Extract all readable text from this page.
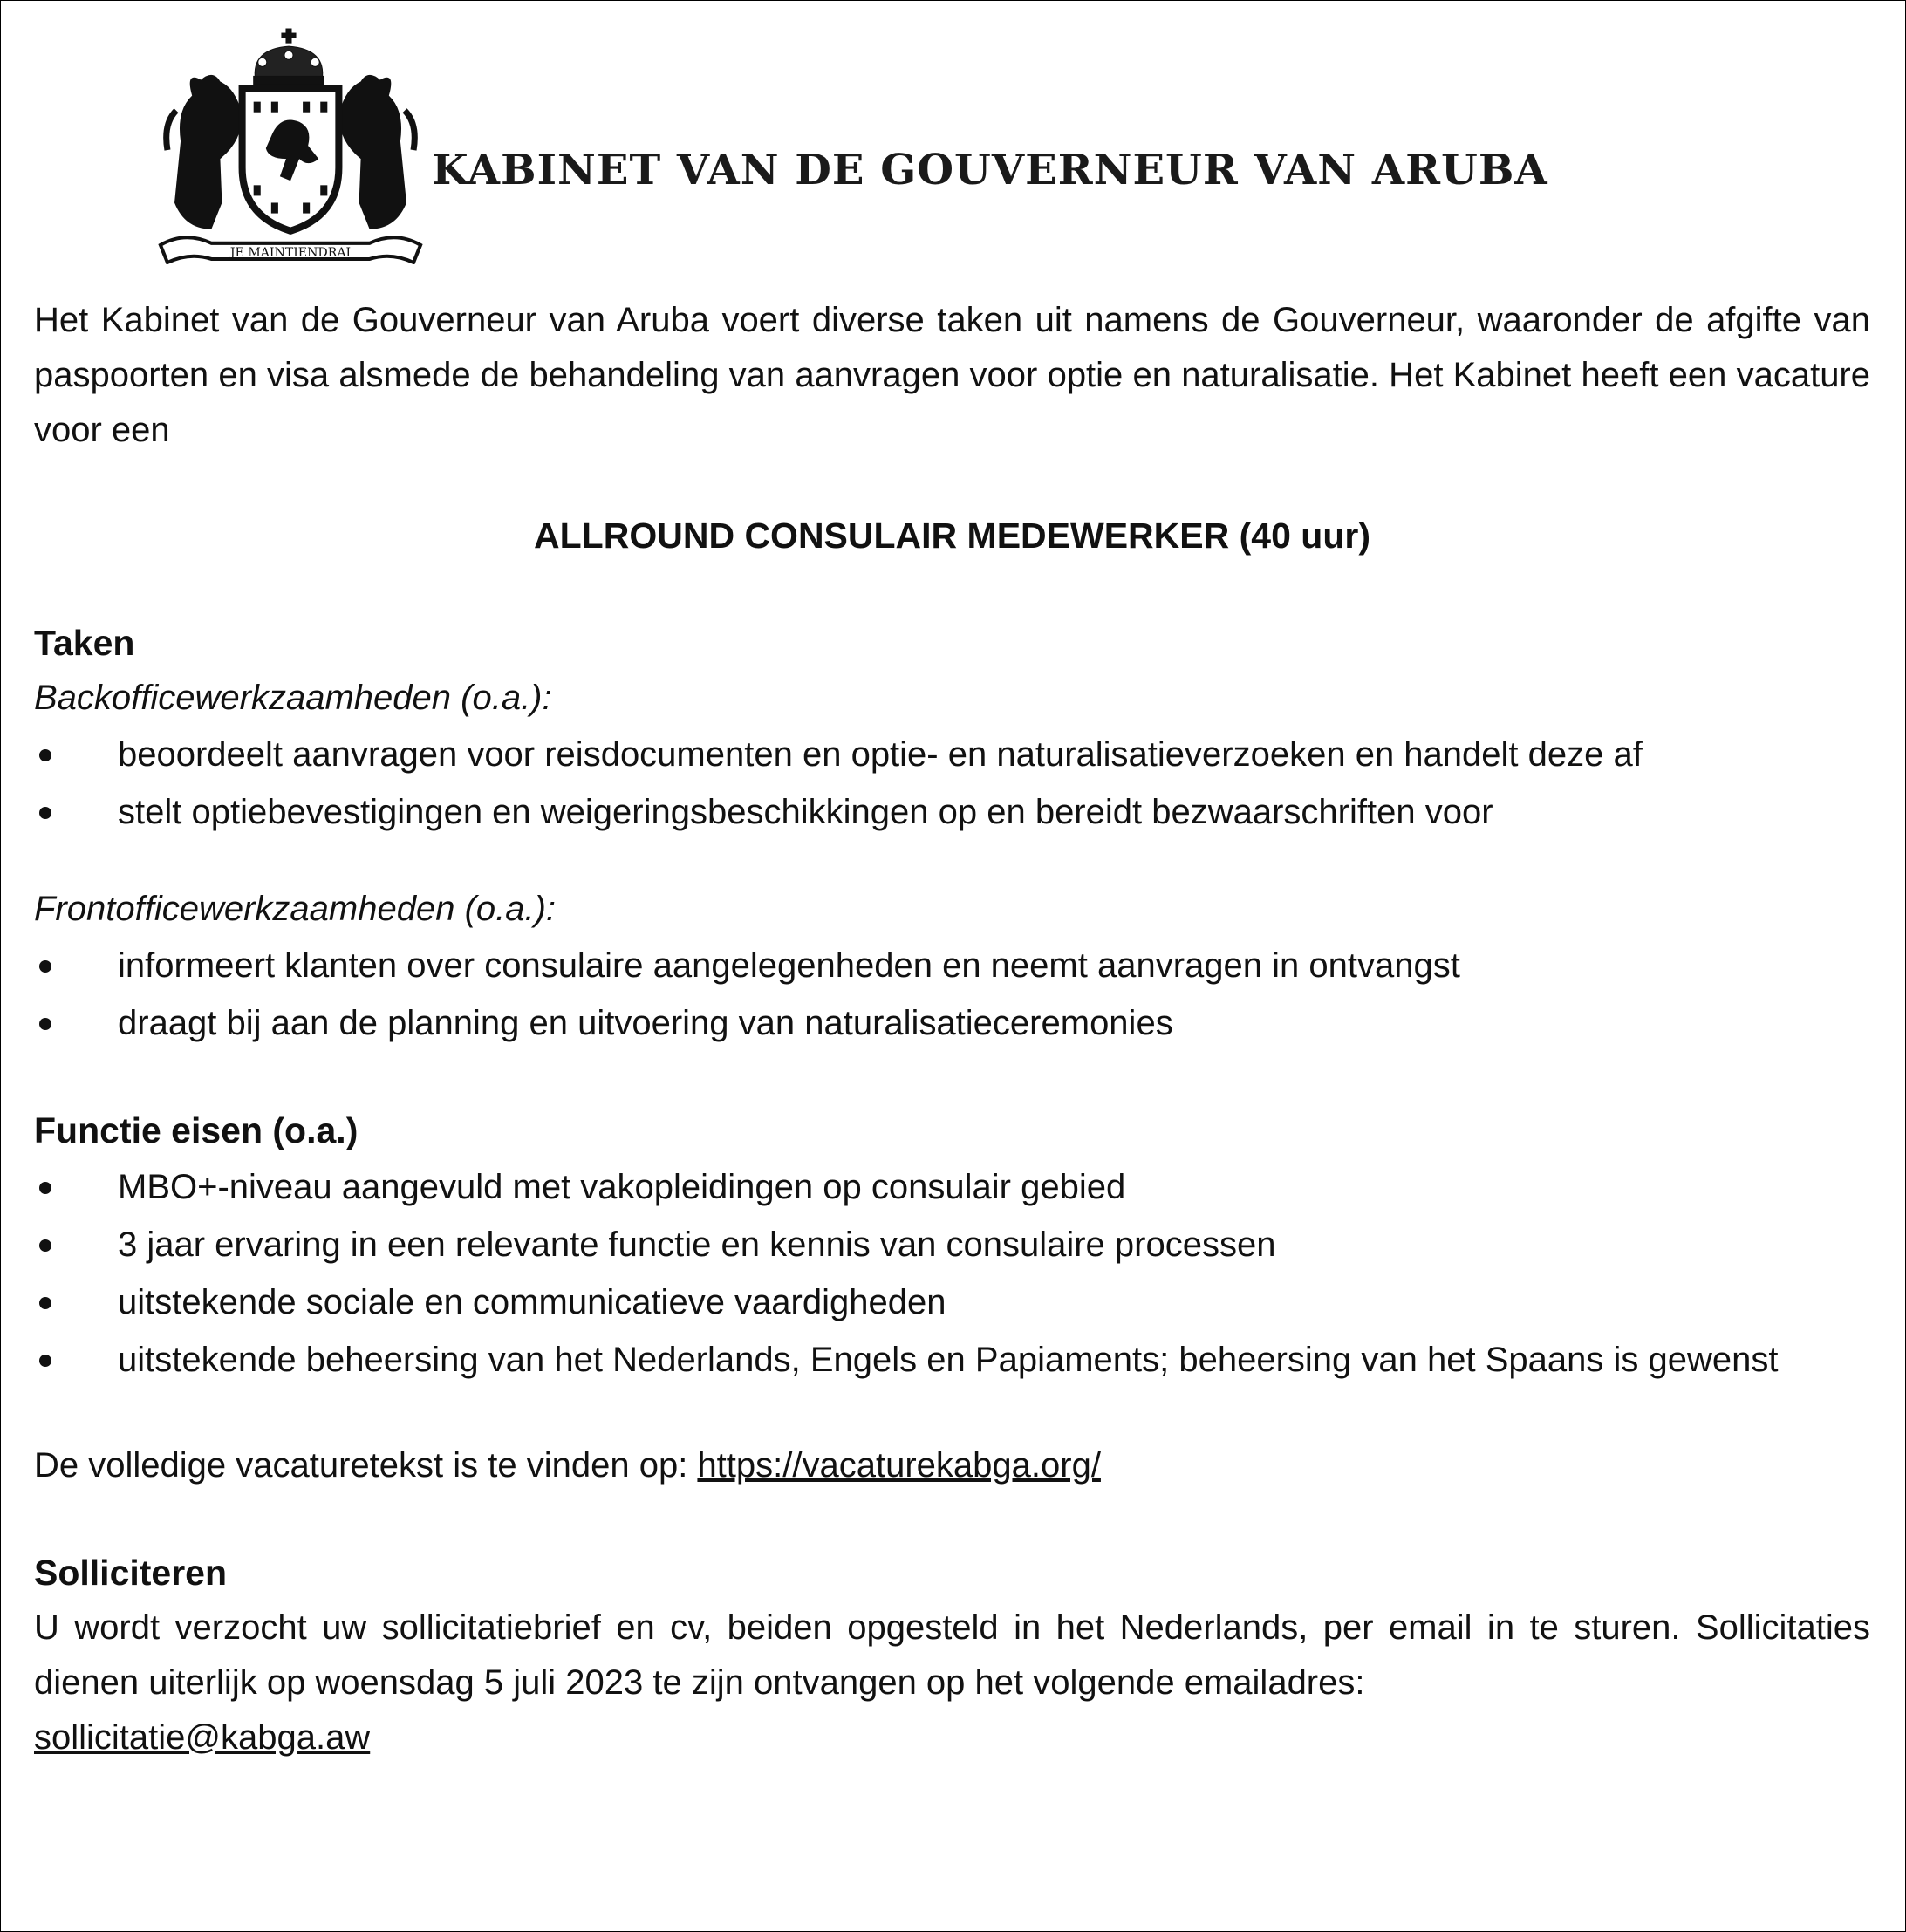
JE MAINTIENDRAI
KABINET VAN DE GOUVERNEUR VAN ARUBA

Het Kabinet van de Gouverneur van Aruba voert diverse taken uit namens de Gouverneur, waaronder de afgifte van paspoorten en visa alsmede de behandeling van aanvragen voor optie en naturalisatie. Het Kabinet heeft een vacature voor een

ALLROUND CONSULAIR MEDEWERKER (40 uur)

Taken

Backofficewerkzaamheden (o.a.):

beoordeelt aanvragen voor reisdocumenten en optie- en naturalisatieverzoeken en handelt deze af
stelt optiebevestigingen en weigeringsbeschikkingen op en bereidt bezwaarschriften voor

Frontofficewerkzaamheden (o.a.):

informeert klanten over consulaire aangelegenheden en neemt aanvragen in ontvangst
draagt bij aan de planning en uitvoering van naturalisatieceremonies

Functie eisen (o.a.)

MBO+-niveau aangevuld met vakopleidingen op consulair gebied
3 jaar ervaring in een relevante functie en kennis van consulaire processen
uitstekende sociale en communicatieve vaardigheden
uitstekende beheersing van het Nederlands, Engels en Papiaments; beheersing van het Spaans is gewenst

De volledige vacaturetekst is te vinden op: https://vacaturekabga.org/

Solliciteren

U wordt verzocht uw sollicitatiebrief en cv, beiden opgesteld in het Nederlands, per email in te sturen. Sollicitaties dienen uiterlijk op woensdag 5 juli 2023 te zijn ontvangen op het volgende emailadres:

sollicitatie@kabga.aw
